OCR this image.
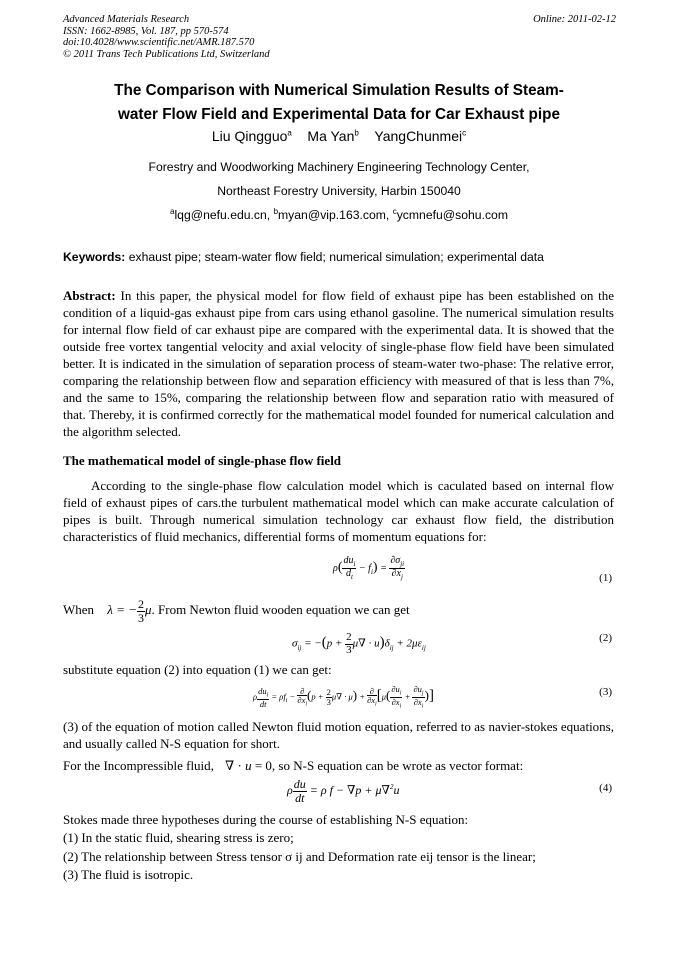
Advanced Materials Research
ISSN: 1662-8985, Vol. 187, pp 570-574
doi:10.4028/www.scientific.net/AMR.187.570
© 2011 Trans Tech Publications Ltd, Switzerland
Online: 2011-02-12
The Comparison with Numerical Simulation Results of Steam-
water Flow Field and Experimental Data for Car Exhaust pipe
Liu Qingguo$^a$ Ma Yan$^b$ YangChunmei$^c$
Forestry and Woodworking Machinery Engineering Technology Center,
Northeast Forestry University, Harbin 150040
$^a$lqg@nefu.edu.cn, $^b$myan@vip.163.com, $^c$ycmnefu@sohu.com
Keywords: exhaust pipe; steam-water flow field; numerical simulation; experimental data
Abstract: In this paper, the physical model for flow field of exhaust pipe has been established on the condition of a liquid-gas exhaust pipe from cars using ethanol gasoline. The numerical simulation results for internal flow field of car exhaust pipe are compared with the experimental data. It is showed that the outside free vortex tangential velocity and axial velocity of single-phase flow field have been simulated better. It is indicated in the simulation of separation process of steam-water two-phase: The relative error, comparing the relationship between flow and separation efficiency with measured of that is less than 7%, and the same to 15%, comparing the relationship between flow and separation ratio with measured of that. Thereby, it is confirmed correctly for the mathematical model founded for numerical calculation and the algorithm selected.
The mathematical model of single-phase flow field
According to the single-phase flow calculation model which is caculated based on internal flow field of exhaust pipes of cars.the turbulent mathematical model which can make accurate calculation of pipes is built. Through numerical simulation technology car exhaust flow field, the distribution characteristics of fluid mechanics, differential forms of momentum equations for:
$\rho( \frac{du_i}{d_t} - f_i) = \frac{\partial\sigma_{ji}}{\partial x_j}$	(1)
When λ = − $\frac{2}{3} \mu$. From Newton fluid wooden equation we can get
$\sigma_{ij} = -(p + \frac{2}{3} \mu\nabla \cdot u)\delta_{ij} + 2\mu\varepsilon_{ij}$
(2)
substitute equation (2) into equation (1) we can get:
ρ $\frac{du_i}{dt} = \rho f_i - \frac{\partial}{\partial x_i} (p + \frac{2}{3} \mu\nabla \cdot \mu) + \frac{\partial}{\partial x_i} [\mu( \frac{\partial u_i}{\partial x_i} + \frac{\partial u_j}{\partial x_i}$ )]	(3)
(3) of the equation of motion called Newton fluid motion equation, referred to as navier-stokes equations, and usually called N-S equation for short.
For the Incompressible fluid, ∇ · u = 0, so N-S equation can be wrote as vector format:
ρ $\frac{du}{dt} = \rho$ f − ∇p + μ∇$^2$u	(4)
Stokes made three hypotheses during the course of establishing N-S equation:
(1) In the static fluid, shearing stress is zero;
(2) The relationship between Stress tensor σ ij and Deformation rate eij tensor is the linear;
(3) The fluid is isotropic.
